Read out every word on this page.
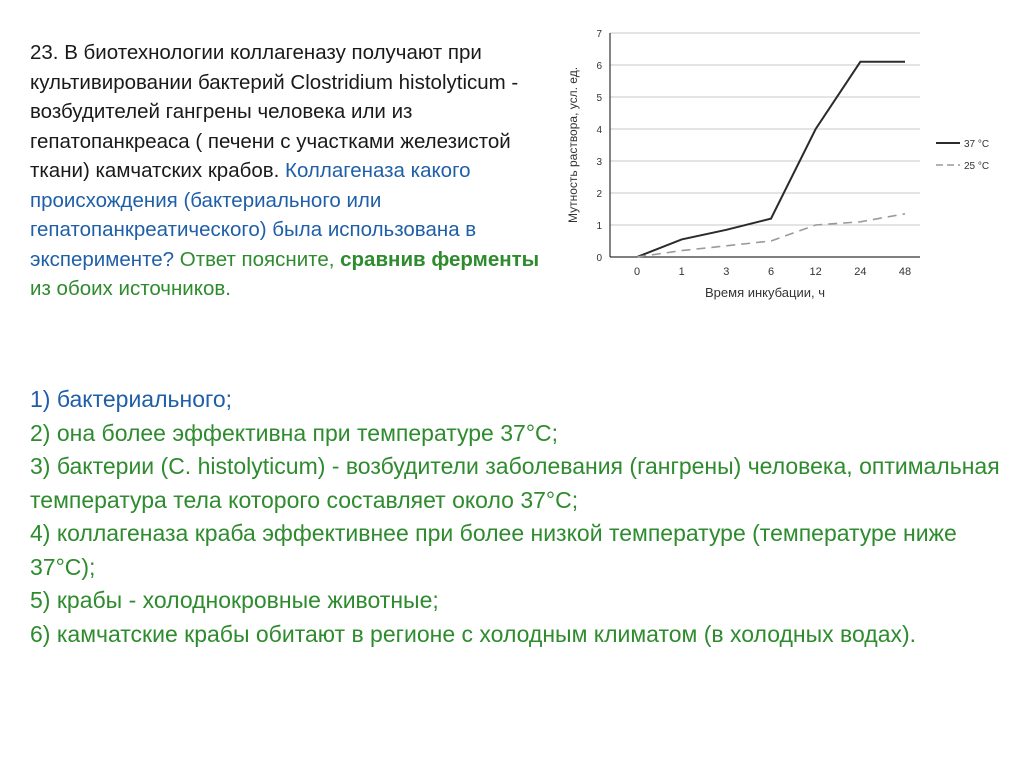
23. В биотехнологии коллагеназу получают при культивировании бактерий Clostridium histolyticum - возбудителей гангрены человека или из гепатопанкреаса ( печени с участками железистой ткани) камчатских крабов. Коллагеназа какого происхождения (бактериального или гепатопанкреатического) была использована в эксперименте? Ответ поясните, сравнив ферменты из обоих источников.
1) бактериального;
2) она более эффективна при температуре 37°С;
3) бактерии (С. histolyticum) - возбудители заболевания (гангрены) человека, оптимальная температура тела которого составляет около 37°С;
4) коллагеназа краба эффективнее при более низкой температуре (температуре ниже 37°С);
5) крабы - холоднокровные животные;
6) камчатские крабы обитают в регионе с холодным климатом (в холодных водах).
0
1
2
3
4
5
6
7
0	1	3	6	12	24	48
Время инкубации, ч
Мутность раствора, усл. ед.	37 °C
25 °C
